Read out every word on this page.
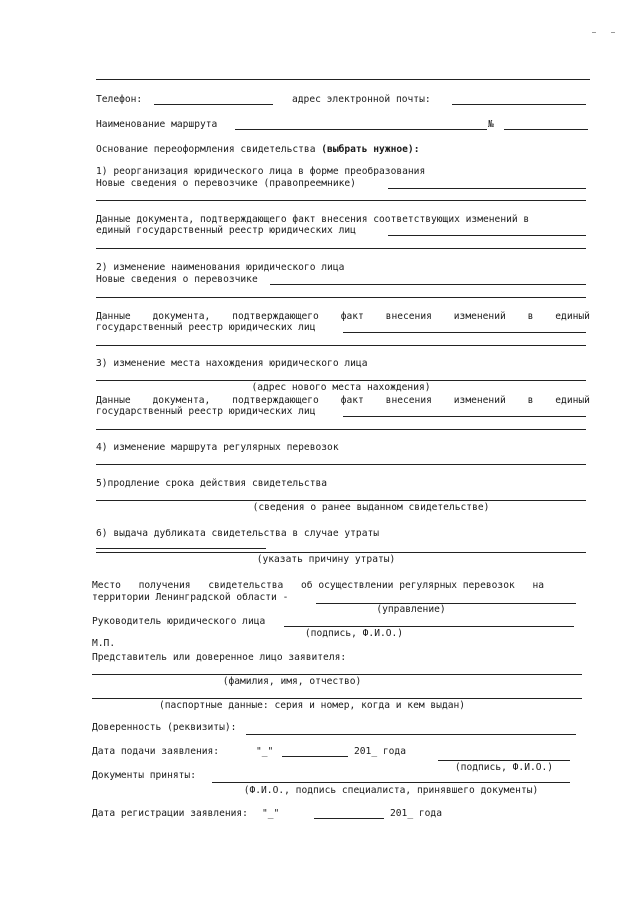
Телефон:	адрес электронной почты:
Наименование маршрута	№
Основание переоформления свидетельства (выбрать нужное):
1) реорганизация юридического лица в форме преобразования
Новые сведения о перевозчике (правопреемнике)
Данные документа, подтверждающего факт внесения соответствующих изменений в
единый государственный реестр юридических лиц
2) изменение наименования юридического лица
Новые сведения о перевозчике
Данные документа, подтверждающего факт внесения изменений в единый
государственный реестр юридических лиц
3) изменение места нахождения юридического лица
(адрес нового места нахождения)
Данные документа, подтверждающего факт внесения изменений в единый
государственный реестр юридических лиц
4) изменение маршрута регулярных перевозок
5)продление срока действия свидетельства
(сведения о ранее выданном свидетельстве)
6) выдача дубликата свидетельства в случае утраты
(указать причину утраты)
Место получения свидетельства об осуществлении регулярных перевозок на
территории Ленинградской области -
(управление)
Руководитель юридического лица
(подпись, Ф.И.О.)
М.П.
Представитель или доверенное лицо заявителя:
(фамилия, имя, отчество)
(паспортные данные: серия и номер, когда и кем выдан)
Доверенность (реквизиты):
Дата подачи заявления:	"_"	201_ года
(подпись, Ф.И.О.)
Документы приняты:
(Ф.И.О., подпись специалиста, принявшего документы)
Дата регистрации заявления: "_"	201_ года
